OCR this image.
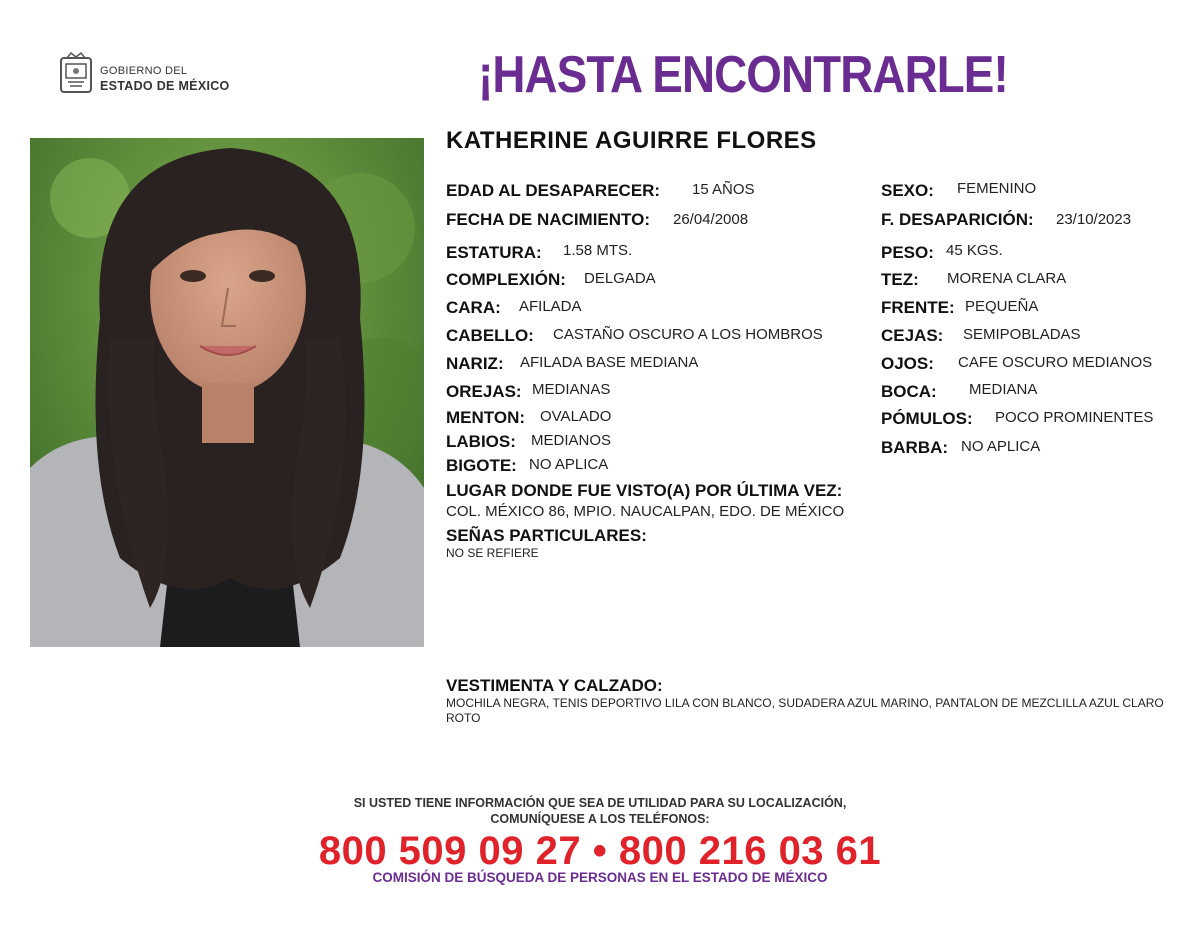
GOBIERNO DEL
ESTADO DE MÉXICO	¡HASTA ENCONTRARLE!
KATHERINE AGUIRRE FLORES
EDAD AL DESAPARECER: 15 AÑOS
FECHA DE NACIMIENTO: 26/04/2008
ESTATURA: 1.58 MTS.
COMPLEXIÓN: DELGADA
CARA: AFILADA
CABELLO: CASTAÑO OSCURO A LOS HOMBROS
NARIZ: AFILADA BASE MEDIANA
OREJAS: MEDIANAS
MENTON: OVALADO
LABIOS: MEDIANOS
BIGOTE: NO APLICA
SEXO: FEMENINO
F. DESAPARICIÓN: 23/10/2023
PESO: 45 KGS.
TEZ: MORENA CLARA
FRENTE: PEQUEÑA
CEJAS: SEMIPOBLADAS
OJOS: CAFE OSCURO MEDIANOS
BOCA: MEDIANA
PÓMULOS: POCO PROMINENTES
BARBA: NO APLICA
LUGAR DONDE FUE VISTO(A) POR ÚLTIMA VEZ:
COL. MÉXICO 86, MPIO. NAUCALPAN, EDO. DE MÉXICO
SEÑAS PARTICULARES:
NO SE REFIERE
VESTIMENTA Y CALZADO:
MOCHILA NEGRA, TENIS DEPORTIVO LILA CON BLANCO, SUDADERA AZUL MARINO, PANTALON DE MEZCLILLA AZUL CLARO ROTO
SI USTED TIENE INFORMACIÓN QUE SEA DE UTILIDAD PARA SU LOCALIZACIÓN,
COMUNÍQUESE A LOS TELÉFONOS:
800 509 09 27 • 800 216 03 61
COMISIÓN DE BÚSQUEDA DE PERSONAS EN EL ESTADO DE MÉXICO
